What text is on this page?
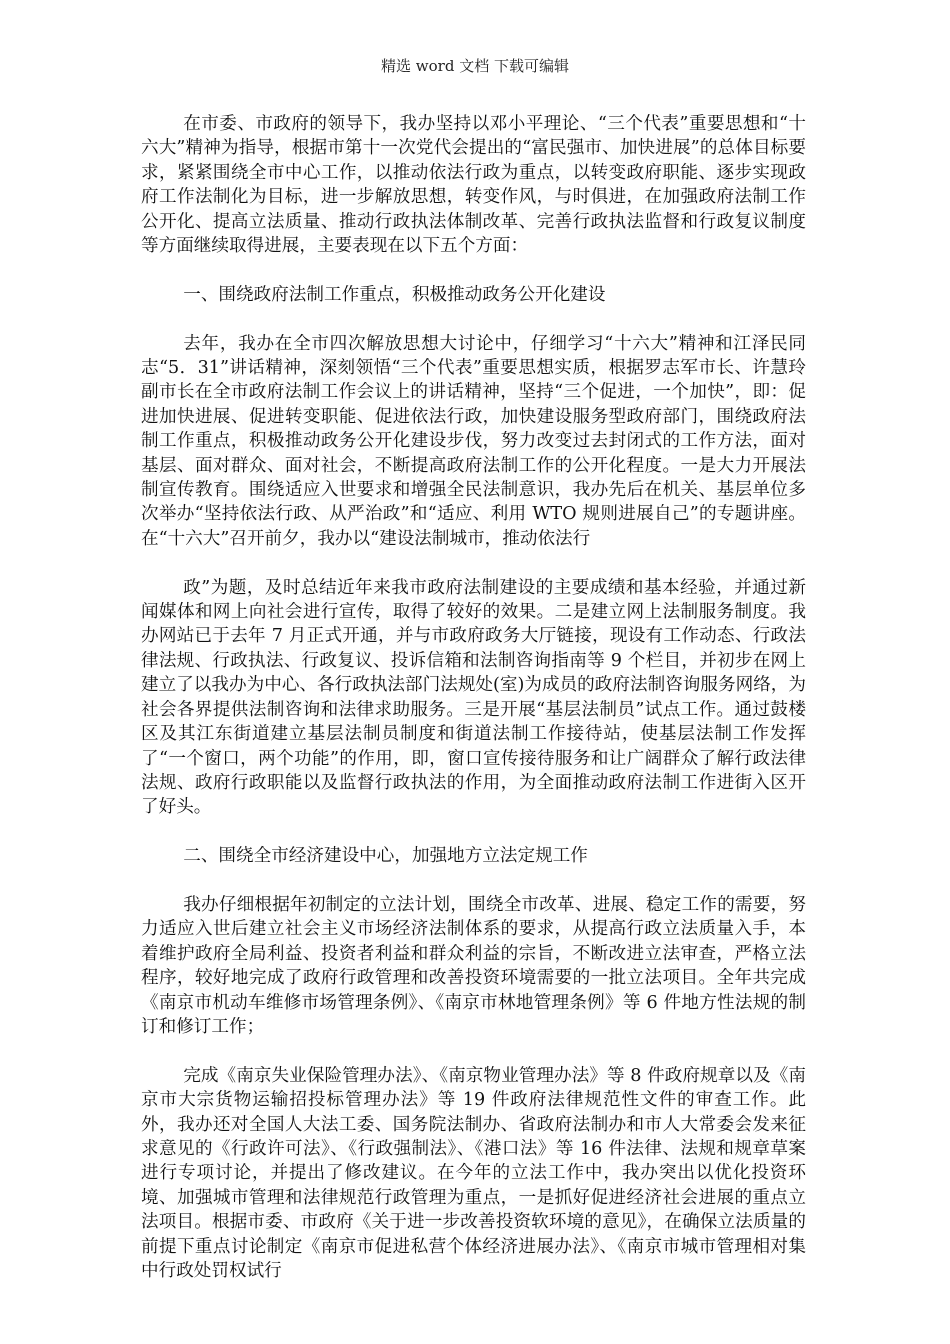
精选 word 文档 下载可编辑

在市委、市政府的领导下，我办坚持以邓小平理论、“三个代表”重要思想和“十六大”精神为指导，根据市第十一次党代会提出的“富民强市、加快进展”的总体目标要求，紧紧围绕全市中心工作，以推动依法行政为重点，以转变政府职能、逐步实现政府工作法制化为目标，进一步解放思想，转变作风，与时俱进，在加强政府法制工作公开化、提高立法质量、推动行政执法体制改革、完善行政执法监督和行政复议制度等方面继续取得进展，主要表现在以下五个方面：

一、围绕政府法制工作重点，积极推动政务公开化建设

去年，我办在全市四次解放思想大讨论中，仔细学习“十六大”精神和江泽民同志“5．31”讲话精神，深刻领悟“三个代表”重要思想实质，根据罗志军市长、许慧玲副市长在全市政府法制工作会议上的讲话精神，坚持“三个促进，一个加快”，即：促进加快进展、促进转变职能、促进依法行政，加快建设服务型政府部门，围绕政府法制工作重点，积极推动政务公开化建设步伐，努力改变过去封闭式的工作方法，面对基层、面对群众、面对社会，不断提高政府法制工作的公开化程度。一是大力开展法制宣传教育。围绕适应入世要求和增强全民法制意识，我办先后在机关、基层单位多次举办“坚持依法行政、从严治政”和“适应、利用 WTO 规则进展自己”的专题讲座。在“十六大”召开前夕，我办以“建设法制城市，推动依法行

政”为题，及时总结近年来我市政府法制建设的主要成绩和基本经验，并通过新闻媒体和网上向社会进行宣传，取得了较好的效果。二是建立网上法制服务制度。我办网站已于去年 7 月正式开通，并与市政府政务大厅链接，现设有工作动态、行政法律法规、行政执法、行政复议、投诉信箱和法制咨询指南等 9 个栏目，并初步在网上建立了以我办为中心、各行政执法部门法规处(室)为成员的政府法制咨询服务网络，为社会各界提供法制咨询和法律求助服务。三是开展“基层法制员”试点工作。通过鼓楼区及其江东街道建立基层法制员制度和街道法制工作接待站，使基层法制工作发挥了“一个窗口，两个功能”的作用，即，窗口宣传接待服务和让广阔群众了解行政法律法规、政府行政职能以及监督行政执法的作用，为全面推动政府法制工作进街入区开了好头。

二、围绕全市经济建设中心，加强地方立法定规工作

我办仔细根据年初制定的立法计划，围绕全市改革、进展、稳定工作的需要，努力适应入世后建立社会主义市场经济法制体系的要求，从提高行政立法质量入手，本着维护政府全局利益、投资者利益和群众利益的宗旨，不断改进立法审查，严格立法程序，较好地完成了政府行政管理和改善投资环境需要的一批立法项目。全年共完成《南京市机动车维修市场管理条例》、《南京市林地管理条例》等 6 件地方性法规的制订和修订工作；

完成《南京失业保险管理办法》、《南京物业管理办法》等 8 件政府规章以及《南京市大宗货物运输招投标管理办法》等 19 件政府法律规范性文件的审查工作。此外，我办还对全国人大法工委、国务院法制办、省政府法制办和市人大常委会发来征求意见的《行政许可法》、《行政强制法》、《港口法》等 16 件法律、法规和规章草案进行专项讨论，并提出了修改建议。在今年的立法工作中，我办突出以优化投资环境、加强城市管理和法律规范行政管理为重点，一是抓好促进经济社会进展的重点立法项目。根据市委、市政府《关于进一步改善投资软环境的意见》，在确保立法质量的前提下重点讨论制定《南京市促进私营个体经济进展办法》、《南京市城市管理相对集中行政处罚权试行
